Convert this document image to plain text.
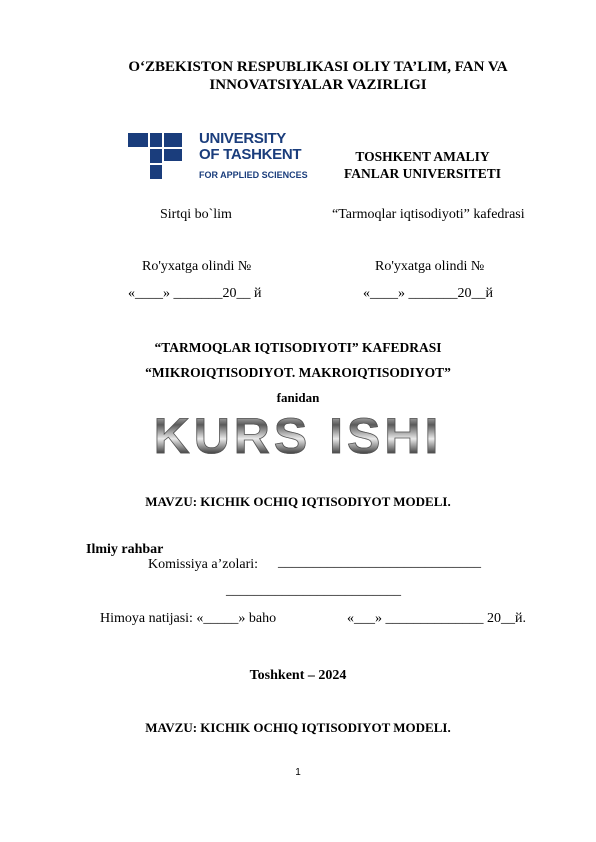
O‘ZBEKISTON RESPUBLIKASI OLIY TA’LIM, FAN VA
INNOVATSIYALAR VAZIRLIGI
UNIVERSITY
OF TASHKENT
FOR APPLIED SCIENCES
TOSHKENT AMALIY
FANLAR UNIVERSITETI
Sirtqi bo`lim	“Tarmoqlar iqtisodiyoti” kafedrasi
Ro'yxatga olindi №	Ro'yxatga olindi №
«____» _______20__ й	«____» _______20__й
“TARMOQLAR IQTISODIYOTI” KAFEDRASI
“MIKROIQTISODIYOT. MAKROIQTISODIYOT”
fanidan
KURS ISHI
MAVZU: KICHIK OCHIQ IQTISODIYOT MODELI.
Ilmiy rahbar
Komissiya a’zolari: _____________________________
_________________________
Himoya natijasi: «_____» baho	«___» ______________ 20__й.
Toshkent – 2024
MAVZU: KICHIK OCHIQ IQTISODIYOT MODELI.
1
